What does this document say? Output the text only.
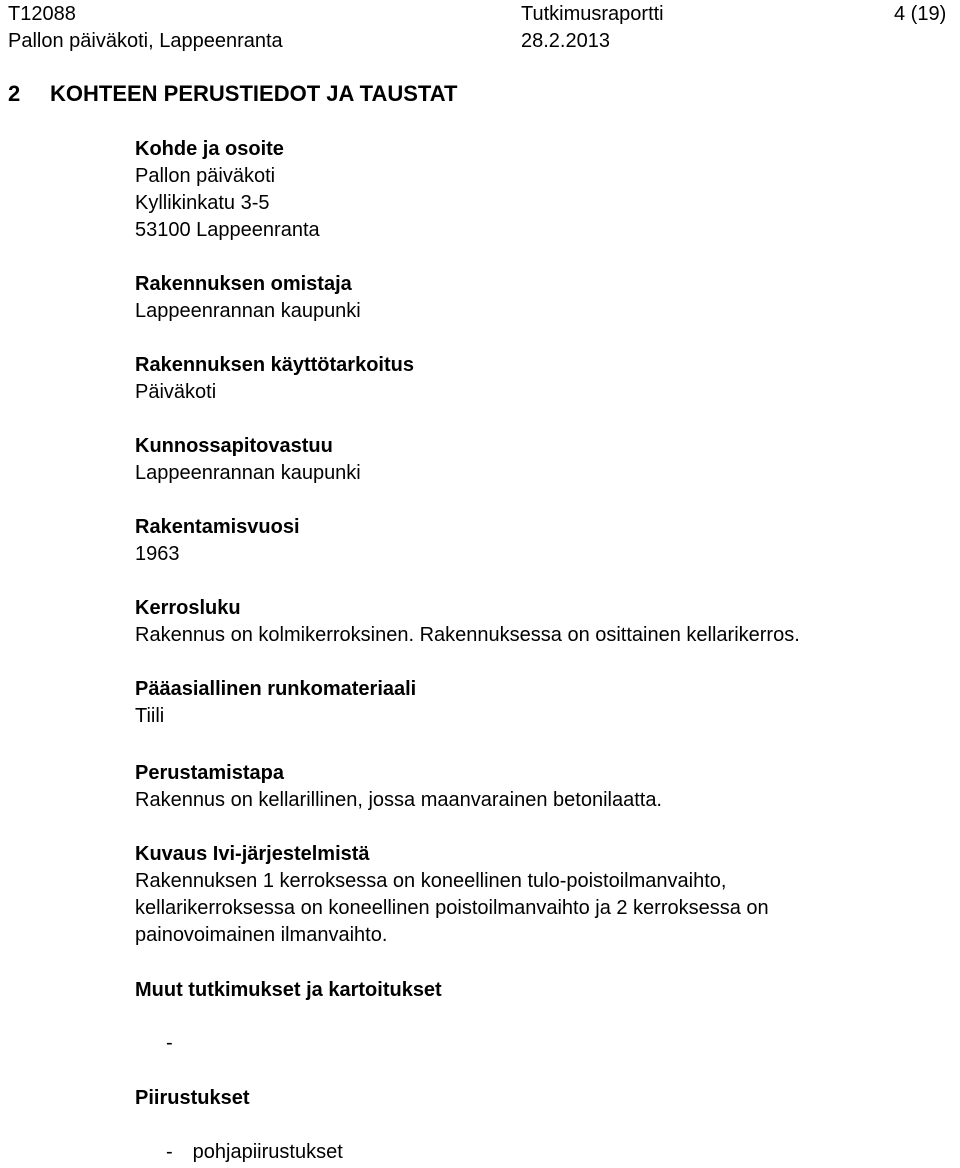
T12088
Pallon päiväkoti, Lappeenranta
Tutkimusraportti
28.2.2013
4 (19)
2 KOHTEEN PERUSTIEDOT JA TAUSTAT
Kohde ja osoite
Pallon päiväkoti
Kyllikinkatu 3-5
53100 Lappeenranta
Rakennuksen omistaja
Lappeenrannan kaupunki
Rakennuksen käyttötarkoitus
Päiväkoti
Kunnossapitovastuu
Lappeenrannan kaupunki
Rakentamisvuosi
1963
Kerrosluku
Rakennus on kolmikerroksinen. Rakennuksessa on osittainen kellarikerros.
Pääasiallinen runkomateriaali
Tiili
Perustamistapa
Rakennus on kellarillinen, jossa maanvarainen betonilaatta.
Kuvaus Ivi-järjestelmistä
Rakennuksen 1 kerroksessa on koneellinen tulo-poistoilmanvaihto,
kellarikerroksessa on koneellinen poistoilmanvaihto ja 2 kerroksessa on
painovoimainen ilmanvaihto.
Muut tutkimukset ja kartoitukset
-
Piirustukset
- pohjapiirustukset
